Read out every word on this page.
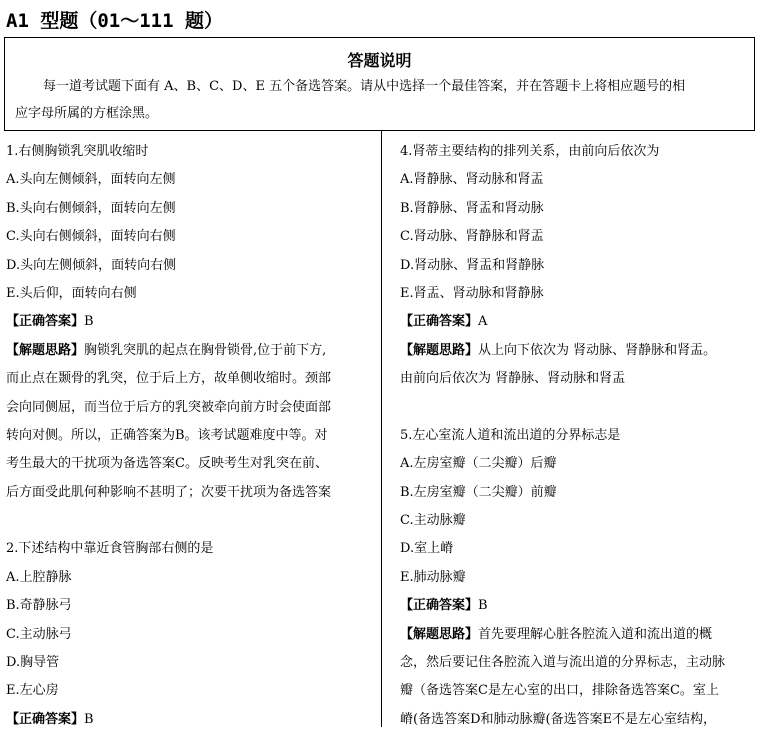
A1 型题（01～111 题）
答题说明
每一道考试题下面有 A、B、C、D、E 五个备选答案。请从中选择一个最佳答案，并在答题卡上将相应题号的相
应字母所属的方框涂黑。
1.右侧胸锁乳突肌收缩时
A.头向左侧倾斜，面转向左侧
B.头向右侧倾斜，面转向左侧
C.头向右侧倾斜，面转向右侧
D.头向左侧倾斜，面转向右侧
E.头后仰，面转向右侧
【正确答案】B
【解题思路】胸锁乳突肌的起点在胸骨锁骨,位于前下方,
而止点在颞骨的乳突，位于后上方，故单侧收缩时。颈部
会向同侧屈，而当位于后方的乳突被牵向前方时会使面部
转向对侧。所以，正确答案为B。该考试题难度中等。对
考生最大的干扰项为备选答案C。反映考生对乳突在前、
后方面受此肌何种影响不甚明了；次要干扰项为备选答案
2.下述结构中靠近食管胸部右侧的是
A.上腔静脉
B.奇静脉弓
C.主动脉弓
D.胸导管
E.左心房
【正确答案】B
4.肾蒂主要结构的排列关系，由前向后依次为
A.肾静脉、肾动脉和肾盂
B.肾静脉、肾盂和肾动脉
C.肾动脉、肾静脉和肾盂
D.肾动脉、肾盂和肾静脉
E.肾盂、肾动脉和肾静脉
【正确答案】A
【解题思路】从上向下依次为 肾动脉、肾静脉和肾盂。
由前向后依次为 肾静脉、肾动脉和肾盂
5.左心室流人道和流出道的分界标志是
A.左房室瓣（二尖瓣）后瓣
B.左房室瓣（二尖瓣）前瓣
C.主动脉瓣
D.室上嵴
E.肺动脉瓣
【正确答案】B
【解题思路】首先要理解心脏各腔流入道和流出道的概
念，然后要记住各腔流入道与流出道的分界标志，主动脉
瓣（备选答案C是左心室的出口，排除备选答案C。室上
嵴(备选答案D和肺动脉瓣(备选答案E不是左心室结构，
